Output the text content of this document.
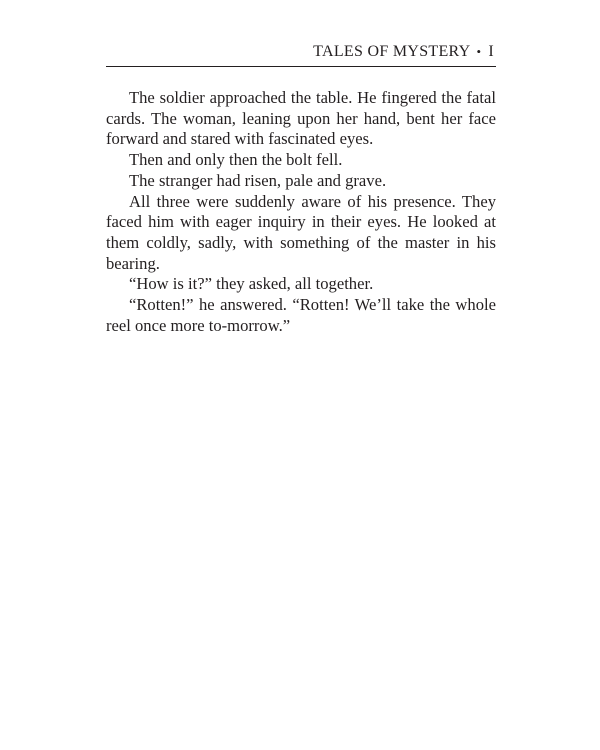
TALES OF MYSTERY • I

The soldier approached the table. He fingered the fatal cards. The woman, leaning upon her hand, bent her face forward and stared with fascinated eyes.

Then and only then the bolt fell.

The stranger had risen, pale and grave.

All three were suddenly aware of his presence. They faced him with eager inquiry in their eyes. He looked at them coldly, sadly, with something of the master in his bearing.

“How is it?” they asked, all together.

“Rotten!” he answered. “Rotten! We’ll take the whole reel once more to-morrow.”
